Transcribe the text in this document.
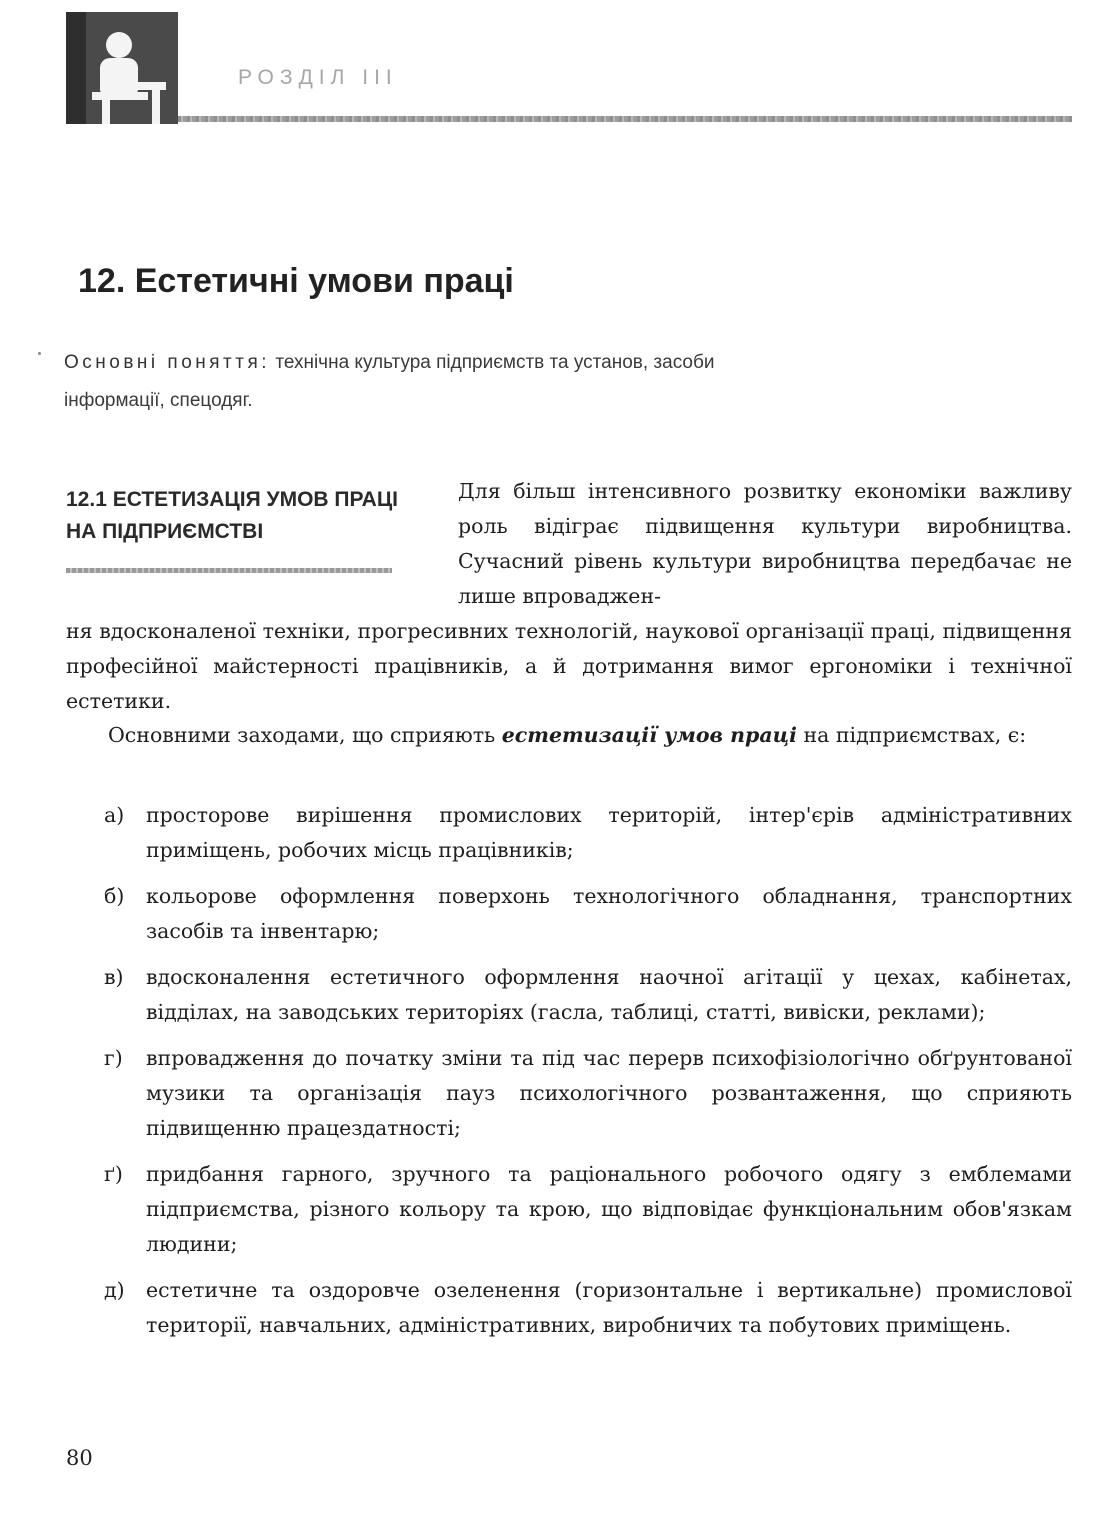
РОЗДІЛ III
12. Естетичні умови праці
Основні поняття: технічна культура підприємств та установ, засоби інформації, спецодяг.
12.1 ЕСТЕТИЗАЦІЯ УМОВ ПРАЦІ НА ПІДПРИЄМСТВІ
Для більш інтенсивного розвитку економіки важливу роль відіграє підвищення культури виробництва. Сучасний рівень культури виробництва передбачає не лише впроваджен-
ня вдосконаленої техніки, прогресивних технологій, наукової організації праці, підвищення професійної майстерності працівників, а й дотримання вимог ергономіки і технічної естетики.
Основними заходами, що сприяють естетизації умов праці на підприємствах, є:
а)	просторове вирішення промислових територій, інтер'єрів адміністративних приміщень, робочих місць працівників;
б)	кольорове оформлення поверхонь технологічного обладнання, транспортних засобів та інвентарю;
в)	вдосконалення естетичного оформлення наочної агітації у цехах, кабінетах, відділах, на заводських територіях (гасла, таблиці, статті, вивіски, реклами);
г)	впровадження до початку зміни та під час перерв психофізіологічно обґрунтованої музики та організація пауз психологічного розвантаження, що сприяють підвищенню працездатності;
ґ)	придбання гарного, зручного та раціонального робочого одягу з емблемами підприємства, різного кольору та крою, що відповідає функціональним обов'язкам людини;
д)	естетичне та оздоровче озеленення (горизонтальне і вертикальне) промислової території, навчальних, адміністративних, виробничих та побутових приміщень.
80
